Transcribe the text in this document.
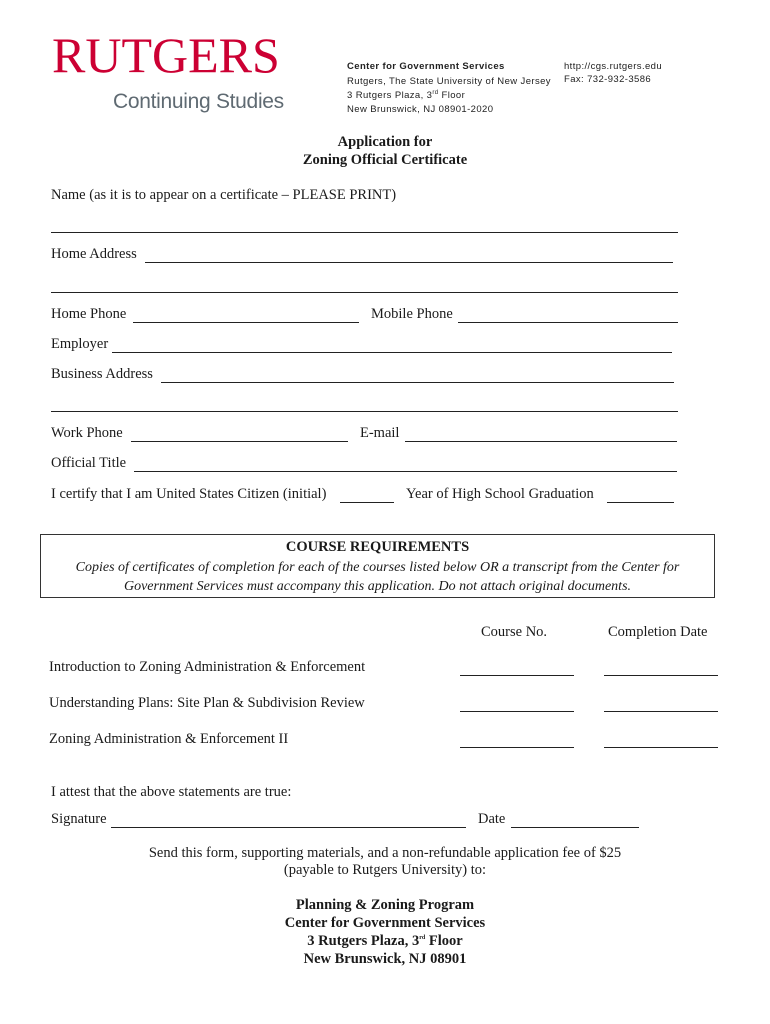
RUTGERS
Continuing Studies
Center for Government Services
Rutgers, The State University of New Jersey
3 Rutgers Plaza, 3rd Floor
New Brunswick, NJ 08901-2020
http://cgs.rutgers.edu
Fax: 732-932-3586
Application for
Zoning Official Certificate
Name (as it is to appear on a certificate – PLEASE PRINT)
Home Address
Home Phone	Mobile Phone
Employer
Business Address
Work Phone	E-mail
Official Title
I certify that I am United States Citizen (initial)	Year of High School Graduation
COURSE REQUIREMENTS
Copies of certificates of completion for each of the courses listed below OR a transcript from the Center for Government Services must accompany this application. Do not attach original documents.
Course No.	Completion Date
Introduction to Zoning Administration & Enforcement
Understanding Plans: Site Plan & Subdivision Review
Zoning Administration & Enforcement II
I attest that the above statements are true:
Signature	Date
Send this form, supporting materials, and a non-refundable application fee of $25
(payable to Rutgers University) to:
Planning & Zoning Program
Center for Government Services
3 Rutgers Plaza, 3rd Floor
New Brunswick, NJ 08901
